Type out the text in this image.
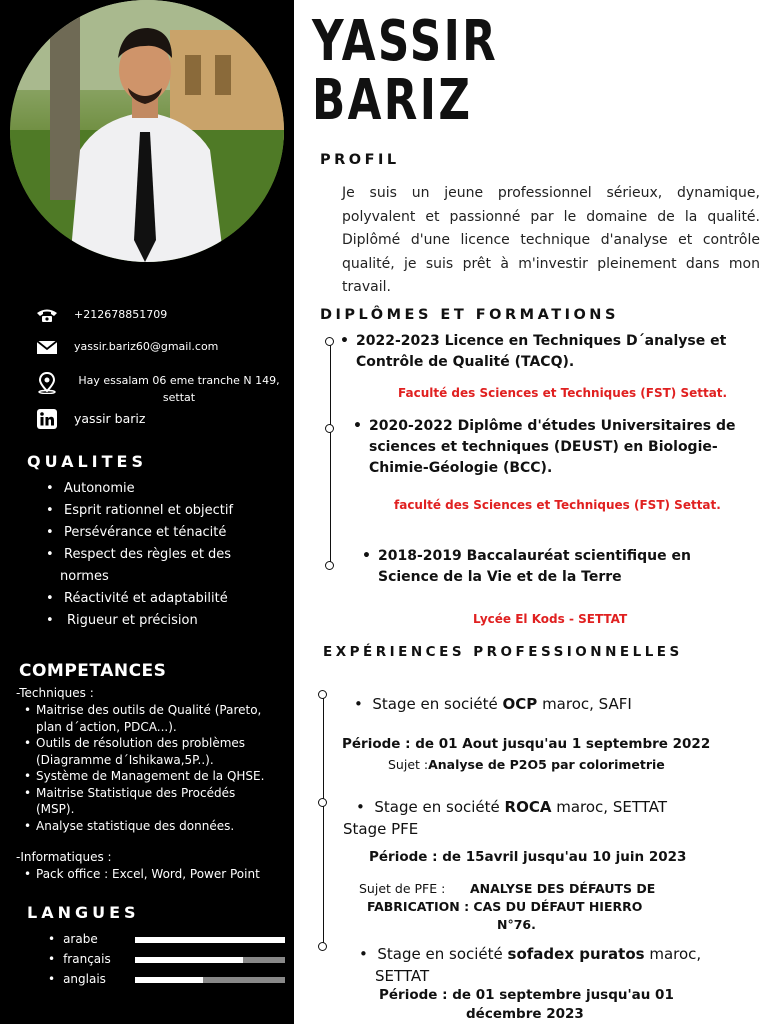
+212678851709
yassir.bariz60@gmail.com
Hay essalam 06 eme tranche N 149,
settat
yassir bariz
QUALITES
• Autonomie
• Esprit rationnel et objectif
• Persévérance et ténacité
• Respect des règles et des
normes
• Réactivité et adaptabilité
• Rigueur et précision
COMPETANCES
-Techniques :
• Maitrise des outils de Qualité (Pareto,
plan d´action, PDCA...).
• Outils de résolution des problèmes
(Diagramme d´Ishikawa,5P..).
• Système de Management de la QHSE.
• Maitrise Statistique des Procédés
(MSP).
• Analyse statistique des données.
-Informatiques :
• Pack office : Excel, Word, Power Point
LANGUES
• arabe
• français
• anglais
YASSIR
BARIZ
PROFIL
Je suis un jeune professionnel sérieux, dynamique, polyvalent et passionné par le domaine de la qualité. Diplômé d'une licence technique d'analyse et contrôle qualité, je suis prêt à m'investir pleinement dans mon travail.
DIPLÔMES ET FORMATIONS
• 2022-2023 Licence en Techniques D´analyse et
Contrôle de Qualité (TACQ).
Faculté des Sciences et Techniques (FST) Settat.
• 2020-2022 Diplôme d'études Universitaires de
sciences et techniques (DEUST) en Biologie-
Chimie-Géologie (BCC).
faculté des Sciences et Techniques (FST) Settat.
• 2018-2019 Baccalauréat scientifique en
Science de la Vie et de la Terre
Lycée El Kods - SETTAT
EXPÉRIENCES PROFESSIONNELLES
•  Stage en société OCP maroc, SAFI
Période : de 01 Aout jusqu'au 1 septembre 2022
Sujet :Analyse de P2O5 par colorimetrie
•  Stage en société ROCA maroc, SETTAT
Stage PFE
Période : de 15avril jusqu'au 10 juin 2023
Sujet de PFE : ANALYSE DES DÉFAUTS DE
FABRICATION : CAS DU DÉFAUT HIERRO
N°76.
•  Stage en société sofadex puratos maroc,
SETTAT
Période : de 01 septembre jusqu'au 01
décembre 2023
